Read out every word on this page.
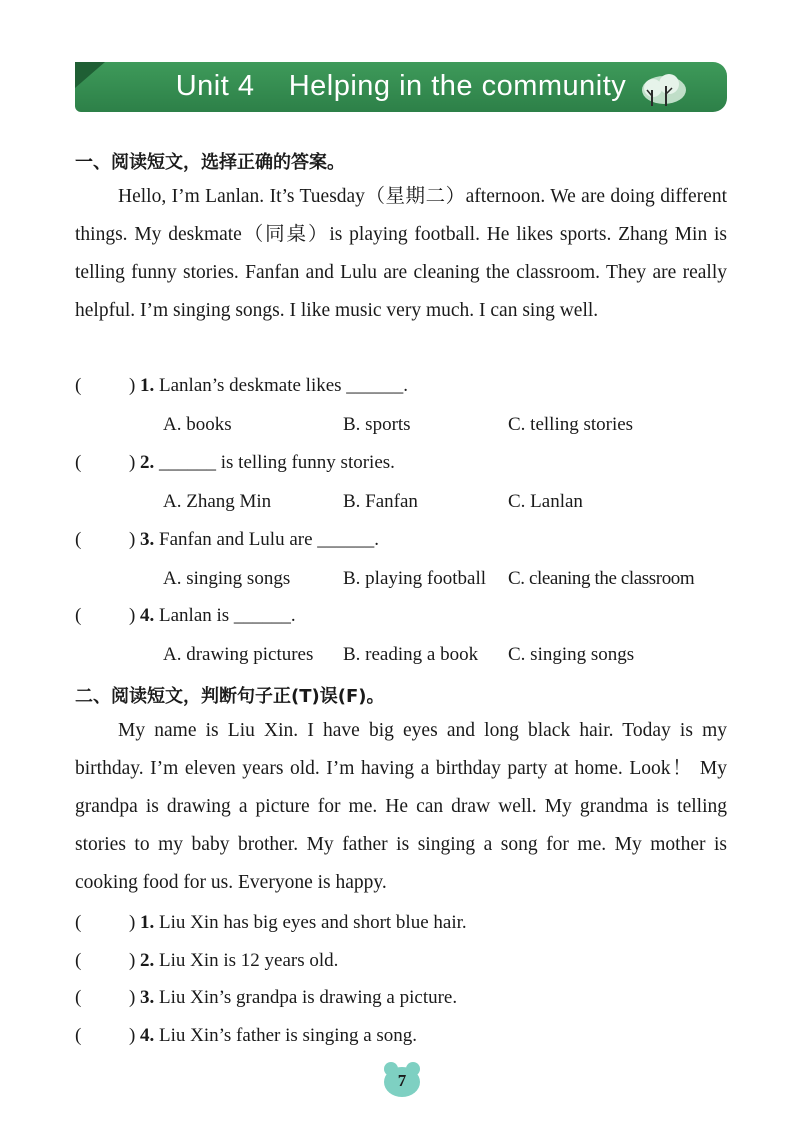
Unit 4    Helping in the community
一、阅读短文，选择正确的答案。

Hello, I’m Lanlan. It’s Tuesday（星期二）afternoon. We are doing different things. My deskmate（同桌）is playing football. He likes sports. Zhang Min is telling funny stories. Fanfan and Lulu are cleaning the classroom. They are really helpful. I’m singing songs. I like music very much. I can sing well.

(	) 1. Lanlan’s deskmate likes ______.
A. books	B. sports	C. telling stories
(	) 2. ______ is telling funny stories.
A. Zhang Min	B. Fanfan	C. Lanlan
(	) 3. Fanfan and Lulu are ______.
A. singing songs	B. playing football C. cleaning the classroom
(	) 4. Lanlan is ______.
A. drawing pictures B. reading a book C. singing songs
二、阅读短文，判断句子正(T)误(F)。

My name is Liu Xin. I have big eyes and long black hair. Today is my birthday. I’m eleven years old. I’m having a birthday party at home. Look！ My grandpa is drawing a picture for me. He can draw well. My grandma is telling stories to my baby brother. My father is singing a song for me. My mother is cooking food for us. Everyone is happy.

(	) 1. Liu Xin has big eyes and short blue hair.
(	) 2. Liu Xin is 12 years old.
(	) 3. Liu Xin’s grandpa is drawing a picture.
(	) 4. Liu Xin’s father is singing a song.
7
